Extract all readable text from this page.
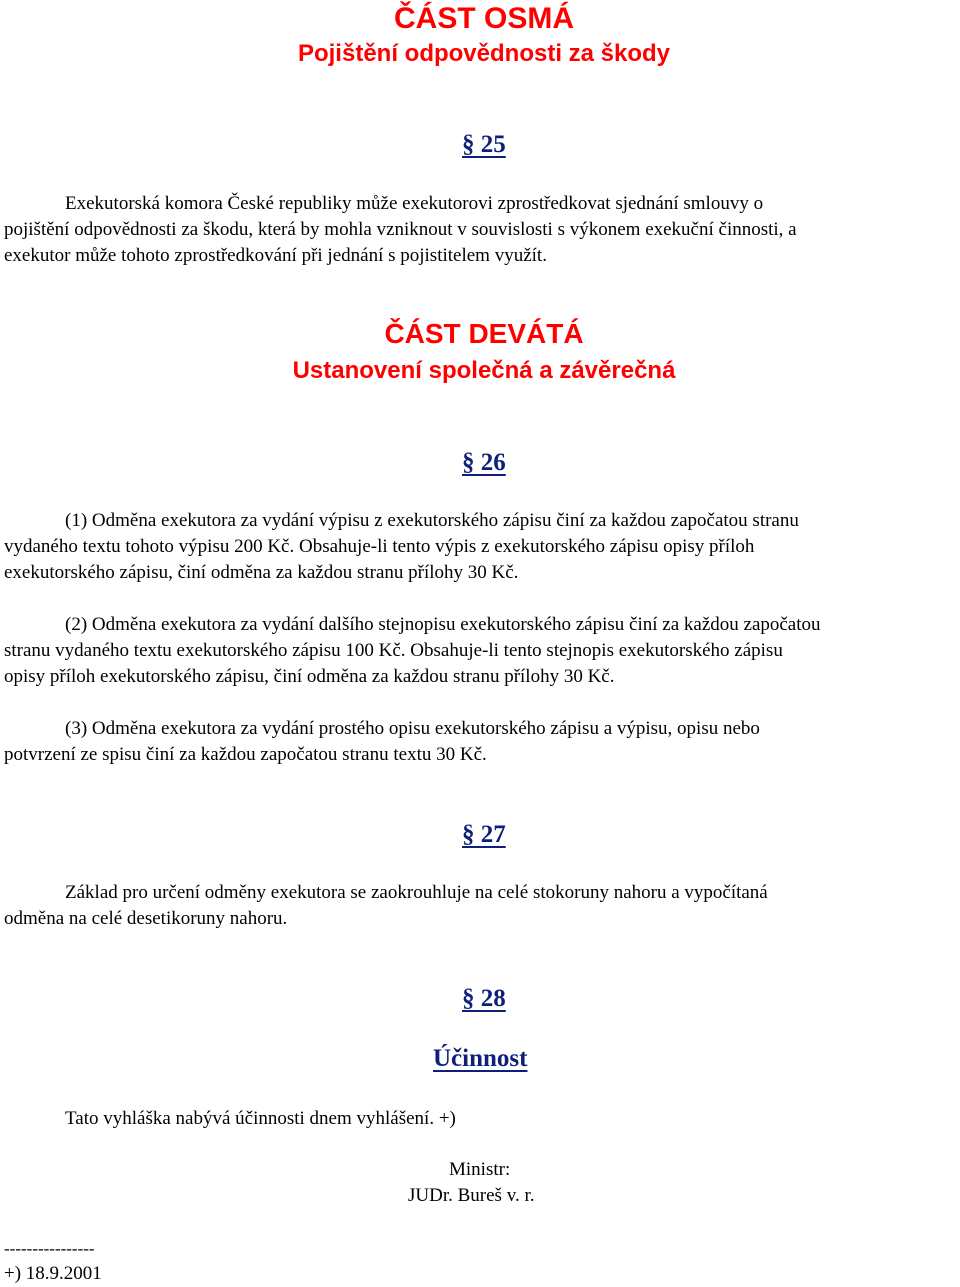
ČÁST OSMÁ
Pojištění odpovědnosti za škody
§ 25
Exekutorská komora České republiky může exekutorovi zprostředkovat sjednání smlouvy o
pojištění odpovědnosti za škodu, která by mohla vzniknout v souvislosti s výkonem exekuční činnosti, a
exekutor může tohoto zprostředkování při jednání s pojistitelem využít.
ČÁST DEVÁTÁ
Ustanovení společná a závěrečná
§ 26
(1) Odměna exekutora za vydání výpisu z exekutorského zápisu činí za každou započatou stranu
vydaného textu tohoto výpisu 200 Kč. Obsahuje-li tento výpis z exekutorského zápisu opisy příloh
exekutorského zápisu, činí odměna za každou stranu přílohy 30 Kč.
(2) Odměna exekutora za vydání dalšího stejnopisu exekutorského zápisu činí za každou započatou
stranu vydaného textu exekutorského zápisu 100 Kč. Obsahuje-li tento stejnopis exekutorského zápisu
opisy příloh exekutorského zápisu, činí odměna za každou stranu přílohy 30 Kč.
(3) Odměna exekutora za vydání prostého opisu exekutorského zápisu a výpisu, opisu nebo
potvrzení ze spisu činí za každou započatou stranu textu 30 Kč.
§ 27
Základ pro určení odměny exekutora se zaokrouhluje na celé stokoruny nahoru a vypočítaná
odměna na celé desetikoruny nahoru.
§ 28
Účinnost
Tato vyhláška nabývá účinnosti dnem vyhlášení. +)
Ministr:
JUDr. Bureš v. r.
----------------
+) 18.9.2001
